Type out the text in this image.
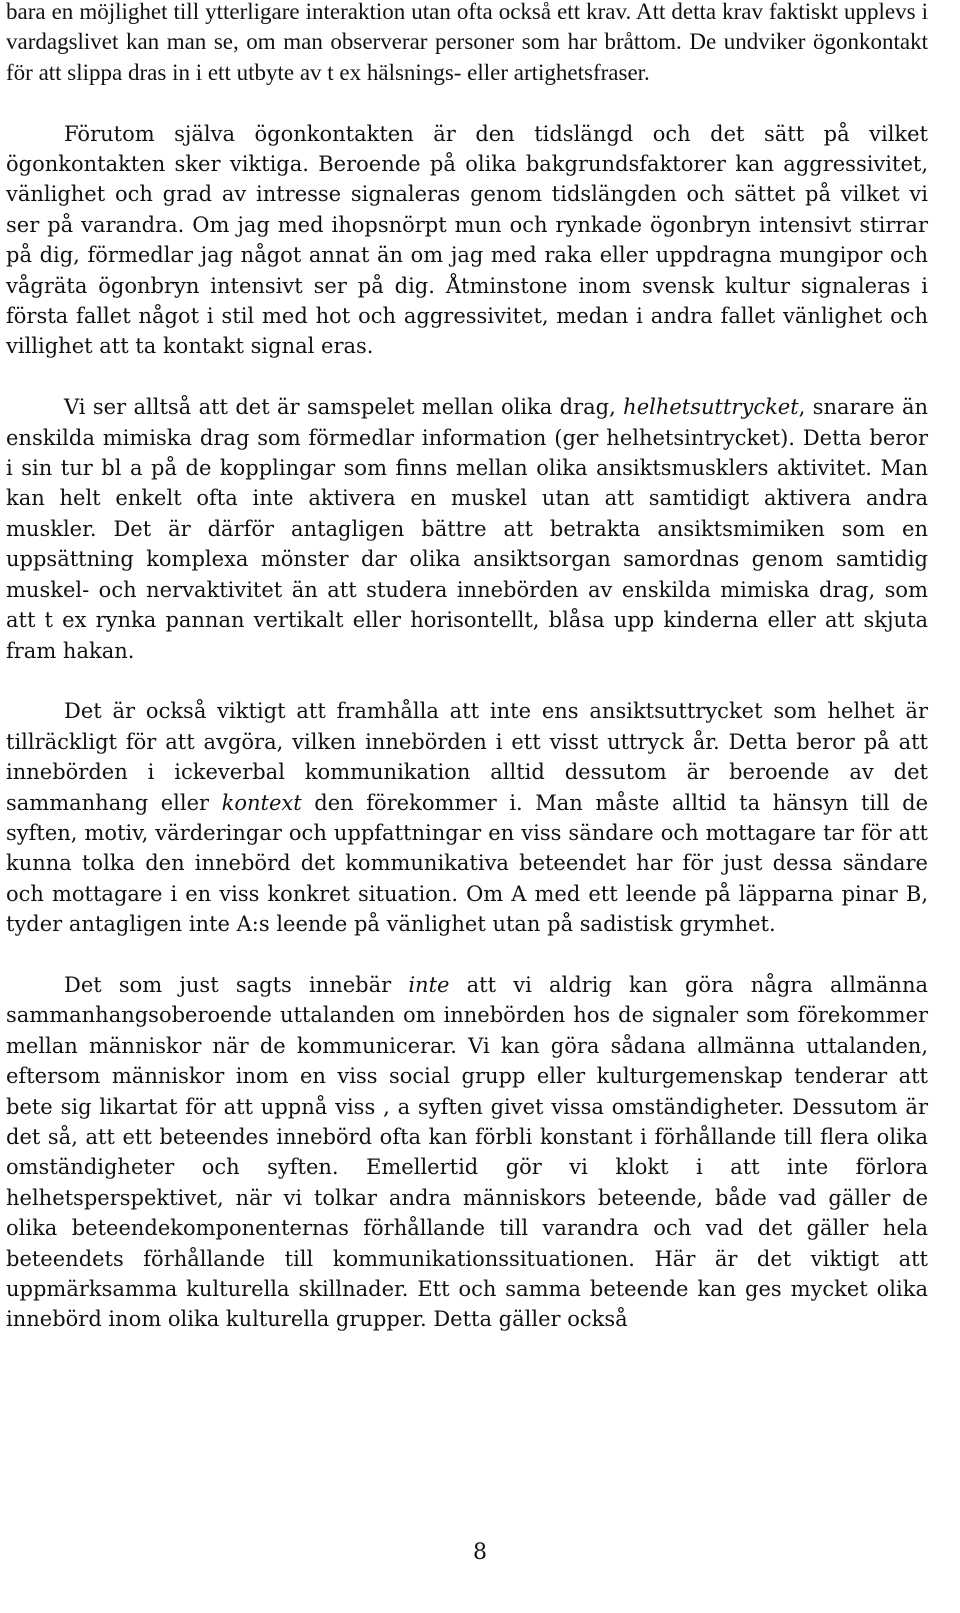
bara en möjlighet till ytterligare interaktion utan ofta också ett krav. Att detta krav faktiskt upplevs i vardagslivet kan man se, om man observerar personer som har bråttom. De undviker ögonkontakt för att slippa dras in i ett utbyte av t ex hälsnings- eller artighetsfraser.

Förutom själva ögonkontakten är den tidslängd och det sätt på vilket ögonkontakten sker viktiga. Beroende på olika bakgrundsfaktorer kan aggressivitet, vänlighet och grad av intresse signaleras genom tidslängden och sättet på vilket vi ser på varandra. Om jag med ihopsnörpt mun och rynkade ögonbryn intensivt stirrar på dig, förmedlar jag något annat än om jag med raka eller uppdragna mungipor och vågräta ögonbryn intensivt ser på dig. Åtminstone inom svensk kultur signaleras i första fallet något i stil med hot och aggressivitet, medan i andra fallet vänlighet och villighet att ta kontakt signal eras.

Vi ser alltså att det är samspelet mellan olika drag, helhetsuttrycket, snarare än enskilda mimiska drag som förmedlar information (ger helhetsintrycket). Detta beror i sin tur bl a på de kopplingar som finns mellan olika ansiktsmusklers aktivitet. Man kan helt enkelt ofta inte aktivera en muskel utan att samtidigt aktivera andra muskler. Det är därför antagligen bättre att betrakta ansiktsmimiken som en uppsättning komplexa mönster dar olika ansiktsorgan samordnas genom samtidig muskel- och nervaktivitet än att studera innebörden av enskilda mimiska drag, som att t ex rynka pannan vertikalt eller horisontellt, blåsa upp kinderna eller att skjuta fram hakan.

Det är också viktigt att framhålla att inte ens ansiktsuttrycket som helhet är tillräckligt för att avgöra, vilken innebörden i ett visst uttryck år. Detta beror på att innebörden i ickeverbal kommunikation alltid dessutom är beroende av det sammanhang eller kontext den förekommer i. Man måste alltid ta hänsyn till de syften, motiv, värderingar och uppfattningar en viss sändare och mottagare tar för att kunna tolka den innebörd det kommunikativa beteendet har för just dessa sändare och mottagare i en viss konkret situation. Om A med ett leende på läpparna pinar B, tyder antagligen inte A:s leende på vänlighet utan på sadistisk grymhet.

Det som just sagts innebär inte att vi aldrig kan göra några allmänna sammanhangsoberoende uttalanden om innebörden hos de signaler som förekommer mellan människor när de kommunicerar. Vi kan göra sådana allmänna uttalanden, eftersom människor inom en viss social grupp eller kulturgemenskap tenderar att bete sig likartat för att uppnå viss , a syften givet vissa omständigheter. Dessutom är det så, att ett beteendes innebörd ofta kan förbli konstant i förhållande till flera olika omständigheter och syften. Emellertid gör vi klokt i att inte förlora helhetsperspektivet, när vi tolkar andra människors beteende, både vad gäller de olika beteendekomponenternas förhållande till varandra och vad det gäller hela beteendets förhållande till kommunikationssituationen. Här är det viktigt att uppmärksamma kulturella skillnader. Ett och samma beteende kan ges mycket olika innebörd inom olika kulturella grupper. Detta gäller också

8
